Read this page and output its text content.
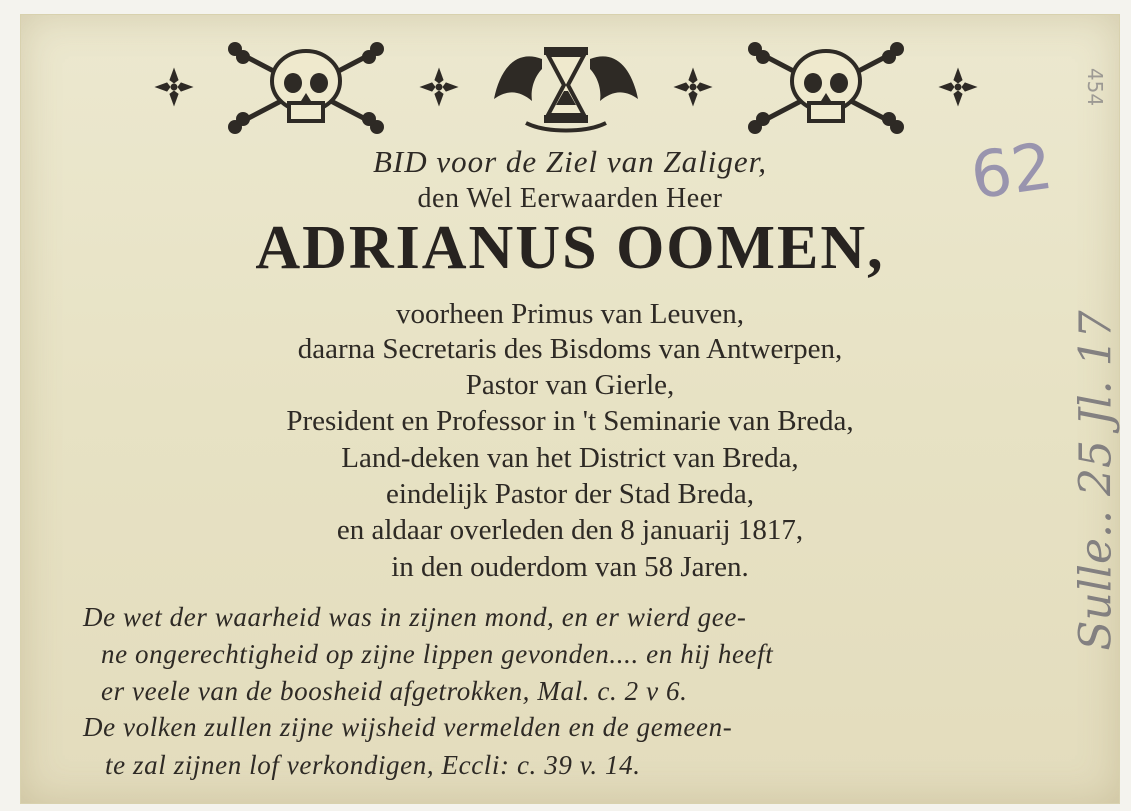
BID voor de Ziel van Zaliger,
den Wel Eerwaarden Heer
ADRIANUS OOMEN,
voorheen Primus van Leuven,
daarna Secretaris des Bisdoms van Antwerpen,
Pastor van Gierle,
President en Professor in 't Seminarie van Breda,
Land-deken van het District van Breda,
eindelijk Pastor der Stad Breda,
en aldaar overleden den 8 januarij 1817,
in den ouderdom van 58 Jaren.
De wet der waarheid was in zijnen mond, en er wierd gee-
ne ongerechtigheid op zijne lippen gevonden.... en hij heeft
er veele van de boosheid afgetrokken, Mal. c. 2 v 6.
De volken zullen zijne wijsheid vermelden en de gemeen-
te zal zijnen lof verkondigen, Eccli: c. 39 v. 14.
62
454
Sulle.. 25 Jl. 17
